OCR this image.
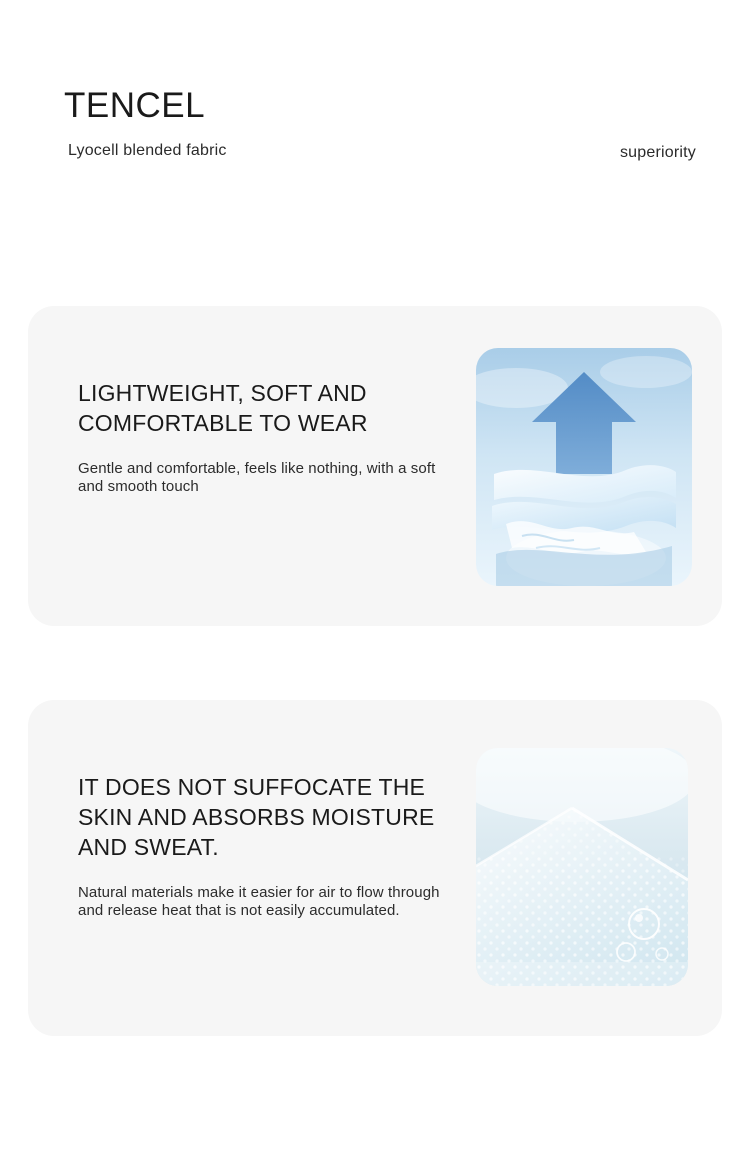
TENCEL
Lyocell blended fabric	superiority
LIGHTWEIGHT, SOFT AND COMFORTABLE TO WEAR

Gentle and comfortable, feels like nothing, with a soft and smooth touch

IT DOES NOT SUFFOCATE THE SKIN AND ABSORBS MOISTURE AND SWEAT.

Natural materials make it easier for air to flow through and release heat that is not easily accumulated.
